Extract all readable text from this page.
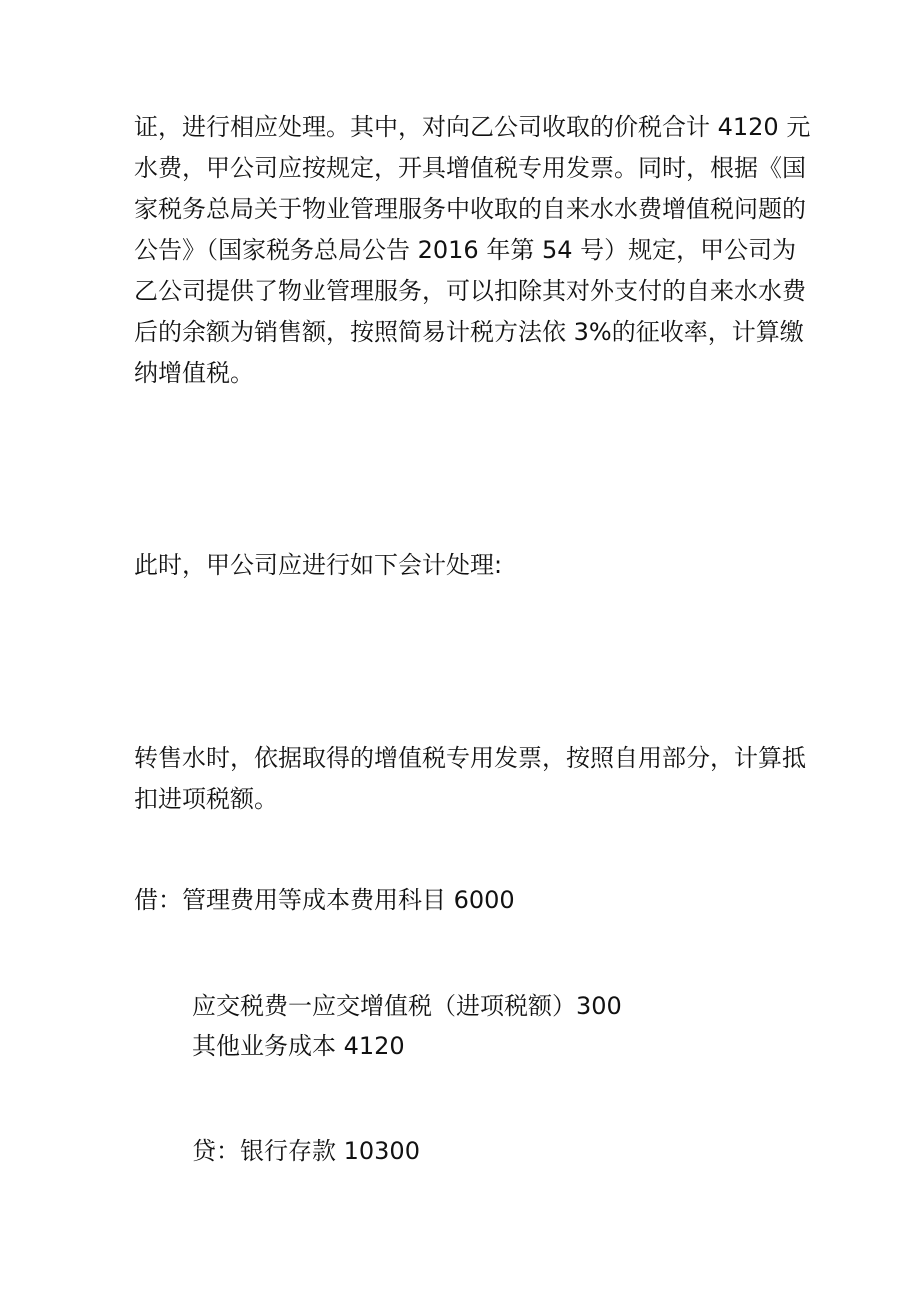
证，进行相应处理。其中，对向乙公司收取的价税合计 4120 元
水费，甲公司应按规定，开具增值税专用发票。同时，根据《国
家税务总局关于物业管理服务中收取的自来水水费增值税问题的
公告》（国家税务总局公告 2016 年第 54 号）规定，甲公司为
乙公司提供了物业管理服务，可以扣除其对外支付的自来水水费
后的余额为销售额，按照简易计税方法依 3%的征收率，计算缴
纳增值税。

此时，甲公司应进行如下会计处理:

转售水时，依据取得的增值税专用发票，按照自用部分，计算抵
扣进项税额。

借：管理费用等成本费用科目 6000

应交税费一应交增值税（进项税额）300

其他业务成本 4120

贷：银行存款 10300
